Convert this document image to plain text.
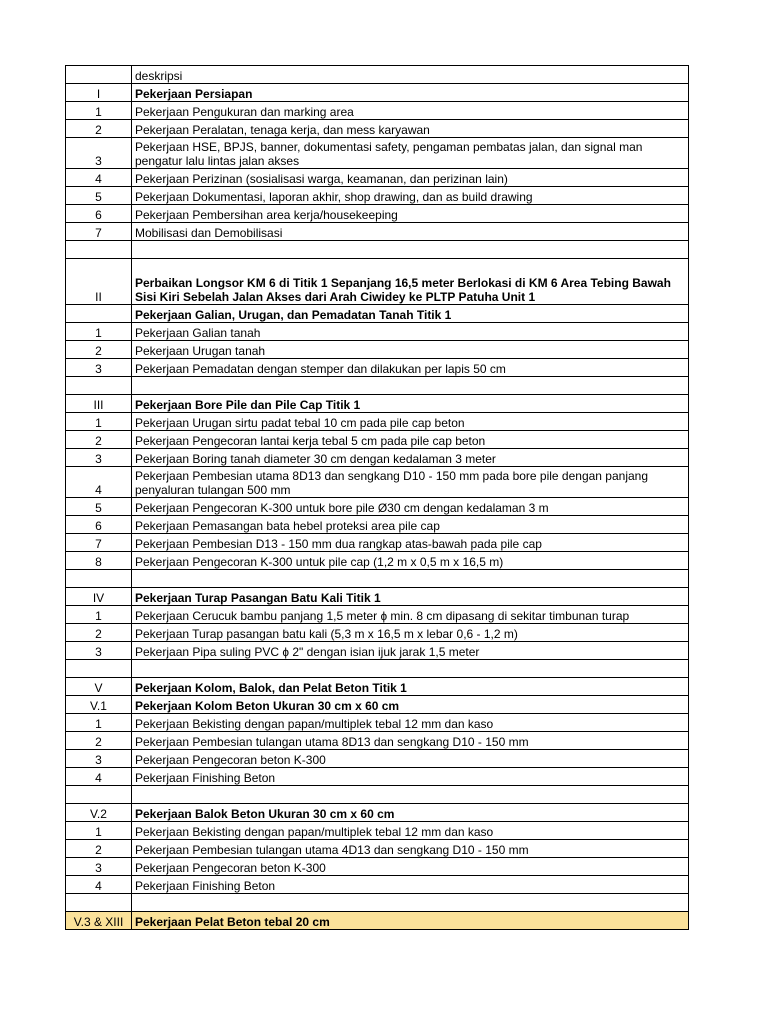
	deskripsi
I	Pekerjaan Persiapan
1	Pekerjaan Pengukuran dan marking area
2	Pekerjaan Peralatan, tenaga kerja, dan mess karyawan
3	Pekerjaan HSE, BPJS, banner, dokumentasi safety, pengaman pembatas jalan, dan signal man pengatur lalu lintas jalan akses
4	Pekerjaan Perizinan (sosialisasi warga, keamanan, dan perizinan lain)
5	Pekerjaan Dokumentasi, laporan akhir, shop drawing, dan as build drawing
6	Pekerjaan Pembersihan area kerja/housekeeping
7	Mobilisasi dan Demobilisasi

II	Perbaikan Longsor KM 6 di Titik 1 Sepanjang 16,5 meter Berlokasi di KM 6 Area Tebing Bawah Sisi Kiri Sebelah Jalan Akses dari Arah Ciwidey ke PLTP Patuha Unit 1
	Pekerjaan Galian, Urugan, dan Pemadatan Tanah Titik 1
1	Pekerjaan Galian tanah
2	Pekerjaan Urugan tanah
3	Pekerjaan Pemadatan dengan stemper dan dilakukan per lapis 50 cm

III	Pekerjaan Bore Pile dan Pile Cap Titik 1
1	Pekerjaan Urugan sirtu padat tebal 10 cm pada pile cap beton
2	Pekerjaan Pengecoran lantai kerja tebal 5 cm pada pile cap beton
3	Pekerjaan Boring tanah diameter 30 cm dengan kedalaman 3 meter
4	Pekerjaan Pembesian utama 8D13 dan sengkang D10 - 150 mm pada bore pile dengan panjang penyaluran tulangan 500 mm
5	Pekerjaan Pengecoran K-300 untuk bore pile Ø30 cm dengan kedalaman 3 m
6	Pekerjaan Pemasangan bata hebel proteksi area pile cap
7	Pekerjaan Pembesian D13 - 150 mm dua rangkap atas-bawah pada pile cap
8	Pekerjaan Pengecoran K-300 untuk pile cap (1,2 m x 0,5 m x 16,5 m)

IV	Pekerjaan Turap Pasangan Batu Kali Titik 1
1	Pekerjaan Cerucuk bambu panjang 1,5 meter ɸ min. 8 cm dipasang di sekitar timbunan turap
2	Pekerjaan Turap pasangan batu kali (5,3 m x 16,5 m x lebar 0,6 - 1,2 m)
3	Pekerjaan Pipa suling PVC ɸ 2" dengan isian ijuk jarak 1,5 meter

V	Pekerjaan Kolom, Balok, dan Pelat Beton Titik 1
V.1	Pekerjaan Kolom Beton Ukuran 30 cm x 60 cm
1	Pekerjaan Bekisting dengan papan/multiplek tebal 12 mm dan kaso
2	Pekerjaan Pembesian tulangan utama 8D13 dan sengkang D10 - 150 mm
3	Pekerjaan Pengecoran beton K-300
4	Pekerjaan Finishing Beton

V.2	Pekerjaan Balok Beton Ukuran 30 cm x 60 cm
1	Pekerjaan Bekisting dengan papan/multiplek tebal 12 mm dan kaso
2	Pekerjaan Pembesian tulangan utama 4D13 dan sengkang D10 - 150 mm
3	Pekerjaan Pengecoran beton K-300
4	Pekerjaan Finishing Beton

V.3 & XIII	Pekerjaan Pelat Beton tebal 20 cm
